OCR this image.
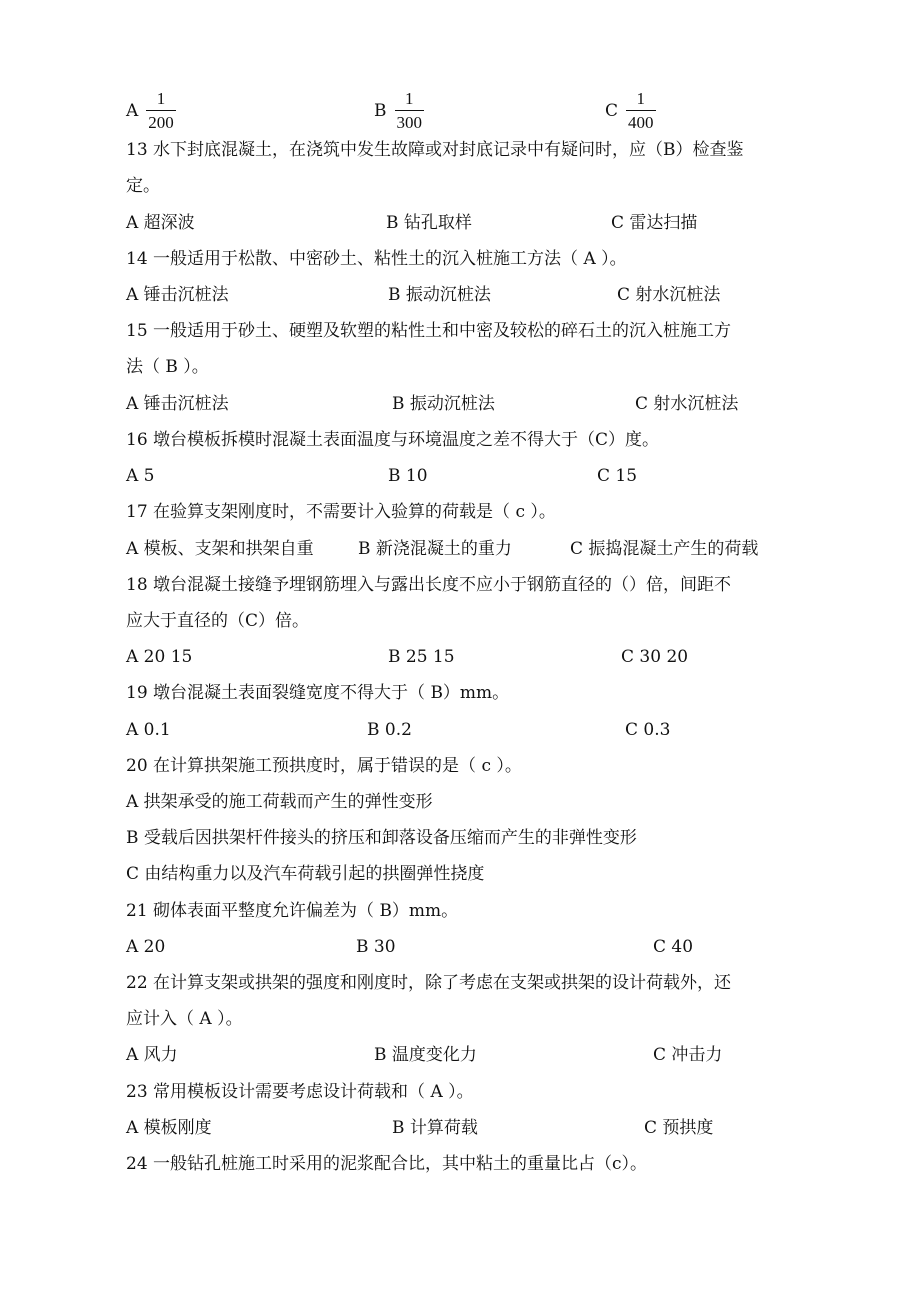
A $\frac{1}{200}$	B $\frac{1}{300}$	C $\frac{1}{400}$
13 水下封底混凝土，在浇筑中发生故障或对封底记录中有疑问时，应（B）检查鉴
定。
A 超深波	B 钻孔取样	C 雷达扫描
14 一般适用于松散、中密砂土、粘性土的沉入桩施工方法（ A ）。
A 锤击沉桩法	B 振动沉桩法	C 射水沉桩法
15 一般适用于砂土、硬塑及软塑的粘性土和中密及较松的碎石土的沉入桩施工方
法（ B ）。
A 锤击沉桩法	B 振动沉桩法	C 射水沉桩法
16 墩台模板拆模时混凝土表面温度与环境温度之差不得大于（C）度。
A 5	B 10	C 15
17 在验算支架刚度时，不需要计入验算的荷载是（ c ）。
A 模板、支架和拱架自重	B 新浇混凝土的重力	C 振捣混凝土产生的荷载
18 墩台混凝土接缝予埋钢筋埋入与露出长度不应小于钢筋直径的（）倍，间距不
应大于直径的（C）倍。
A 20 15	B 25 15	C 30 20
19 墩台混凝土表面裂缝宽度不得大于（ B）mm。
A 0.1	B 0.2	C 0.3
20 在计算拱架施工预拱度时，属于错误的是（ c ）。
A 拱架承受的施工荷载而产生的弹性变形
B 受载后因拱架杆件接头的挤压和卸落设备压缩而产生的非弹性变形
C 由结构重力以及汽车荷载引起的拱圈弹性挠度
21 砌体表面平整度允许偏差为（ B）mm。
A 20	B 30	C 40
22 在计算支架或拱架的强度和刚度时，除了考虑在支架或拱架的设计荷载外，还
应计入（ A ）。
A 风力	B 温度变化力	C 冲击力
23 常用模板设计需要考虑设计荷载和（ A ）。
A 模板刚度	B 计算荷载	C 预拱度
24 一般钻孔桩施工时采用的泥浆配合比，其中粘土的重量比占（c）。
